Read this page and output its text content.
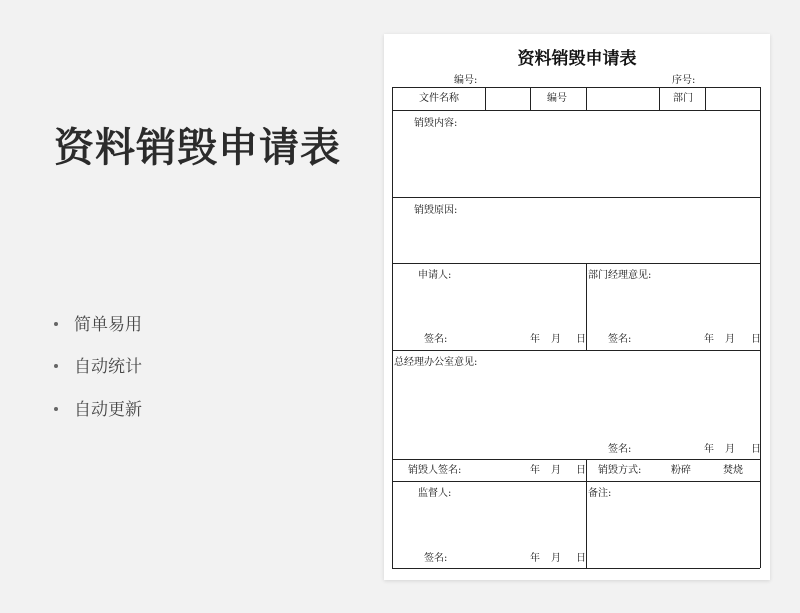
资料销毁申请表
简单易用
自动统计
自动更新
资料销毁申请表
编号:	序号:
文件名称	编号	部门
销毁内容:
销毁原因:
申请人:	部门经理意见:
签名:	年 月 日 签名:	年 月 日
总经理办公室意见:
签名:	年 月 日
销毁人签名:	年 月 日 销毁方式:	粉碎	焚烧
监督人:	备注:
签名:	年 月 日
